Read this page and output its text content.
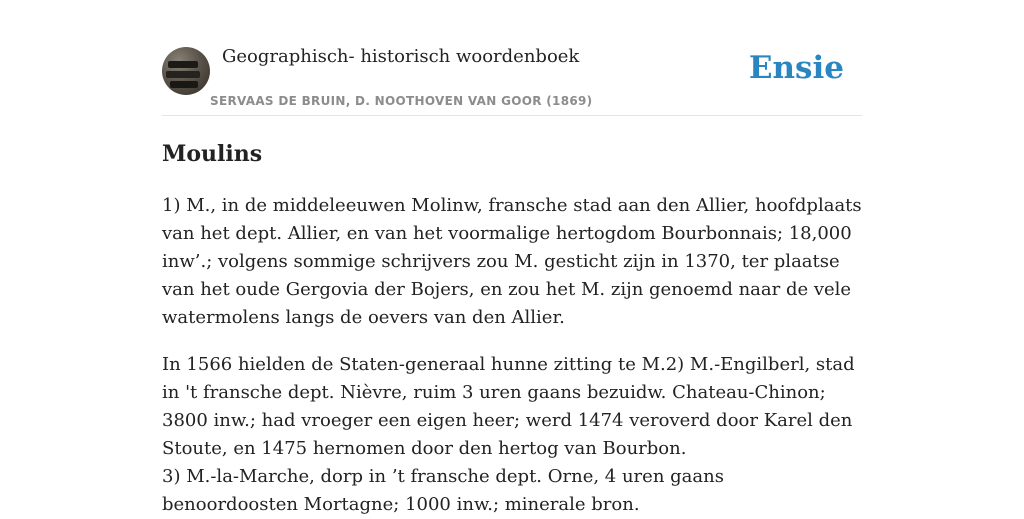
Geographisch- historisch woordenboek
SERVAAS DE BRUIN, D. NOOTHOVEN VAN GOOR (1869)
Ensie
Moulins

1) M., in de middeleeuwen Molinw, fransche stad aan den Allier, hoofdplaats van het dept. Allier, en van het voormalige hertogdom Bourbonnais; 18,000 inw’.; volgens sommige schrijvers zou M. gesticht zijn in 1370, ter plaatse van het oude Gergovia der Bojers, en zou het M. zijn genoemd naar de vele watermolens langs de oevers van den Allier.

In 1566 hielden de Staten-generaal hunne zitting te M.2) M.-Engilberl, stad in 't fransche dept. Nièvre, ruim 3 uren gaans bezuidw. Chateau-Chinon; 3800 inw.; had vroeger een eigen heer; werd 1474 veroverd door Karel den Stoute, en 1475 hernomen door den hertog van Bourbon.
3) M.-la-Marche, dorp in ’t fransche dept. Orne, 4 uren gaans benoordoosten Mortagne; 1000 inw.; minerale bron.
